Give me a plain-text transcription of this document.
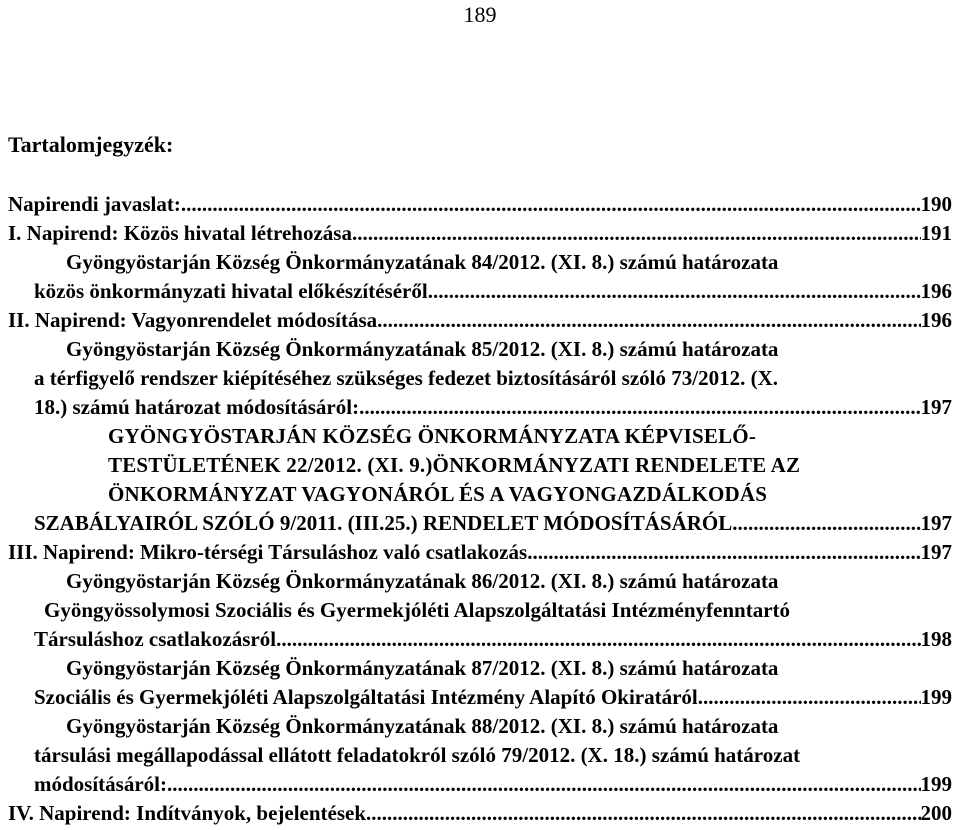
189
Tartalomjegyzék:
Napirendi javaslat: .....	190
I. Napirend: Közös hivatal létrehozása .....	191
Gyöngyöstarján Község Önkormányzatának 84/2012. (XI. 8.) számú határozata
közös önkormányzati hivatal előkészítéséről .....	196
II. Napirend: Vagyonrendelet módosítása .....	196
Gyöngyöstarján Község Önkormányzatának 85/2012. (XI. 8.) számú határozata
a térfigyelő rendszer kiépítéséhez szükséges fedezet biztosításáról szóló 73/2012. (X.
18.) számú határozat módosításáról: .....	197
GYÖNGYÖSTARJÁN KÖZSÉG ÖNKORMÁNYZATA KÉPVISELŐ-
TESTÜLETÉNEK 22/2012. (XI. 9.)ÖNKORMÁNYZATI RENDELETE AZ
ÖNKORMÁNYZAT VAGYONÁRÓL ÉS A VAGYONGAZDÁLKODÁS
SZABÁLYAIRÓL SZÓLÓ 9/2011. (III.25.) RENDELET MÓDOSÍTÁSÁRÓL .....	197
III. Napirend: Mikro-térségi Társuláshoz való csatlakozás .....	197
Gyöngyöstarján Község Önkormányzatának 86/2012. (XI. 8.) számú határozata
Gyöngyössolymosi Szociális és Gyermekjóléti Alapszolgáltatási Intézményfenntartó
Társuláshoz csatlakozásról .....	198
Gyöngyöstarján Község Önkormányzatának 87/2012. (XI. 8.) számú határozata
Szociális és Gyermekjóléti Alapszolgáltatási Intézmény Alapító Okiratáról .....	199
Gyöngyöstarján Község Önkormányzatának 88/2012. (XI. 8.) számú határozata
társulási megállapodással ellátott feladatokról szóló 79/2012. (X. 18.) számú határozat
módosításáról: .....	199
IV. Napirend: Indítványok, bejelentések .....	200
